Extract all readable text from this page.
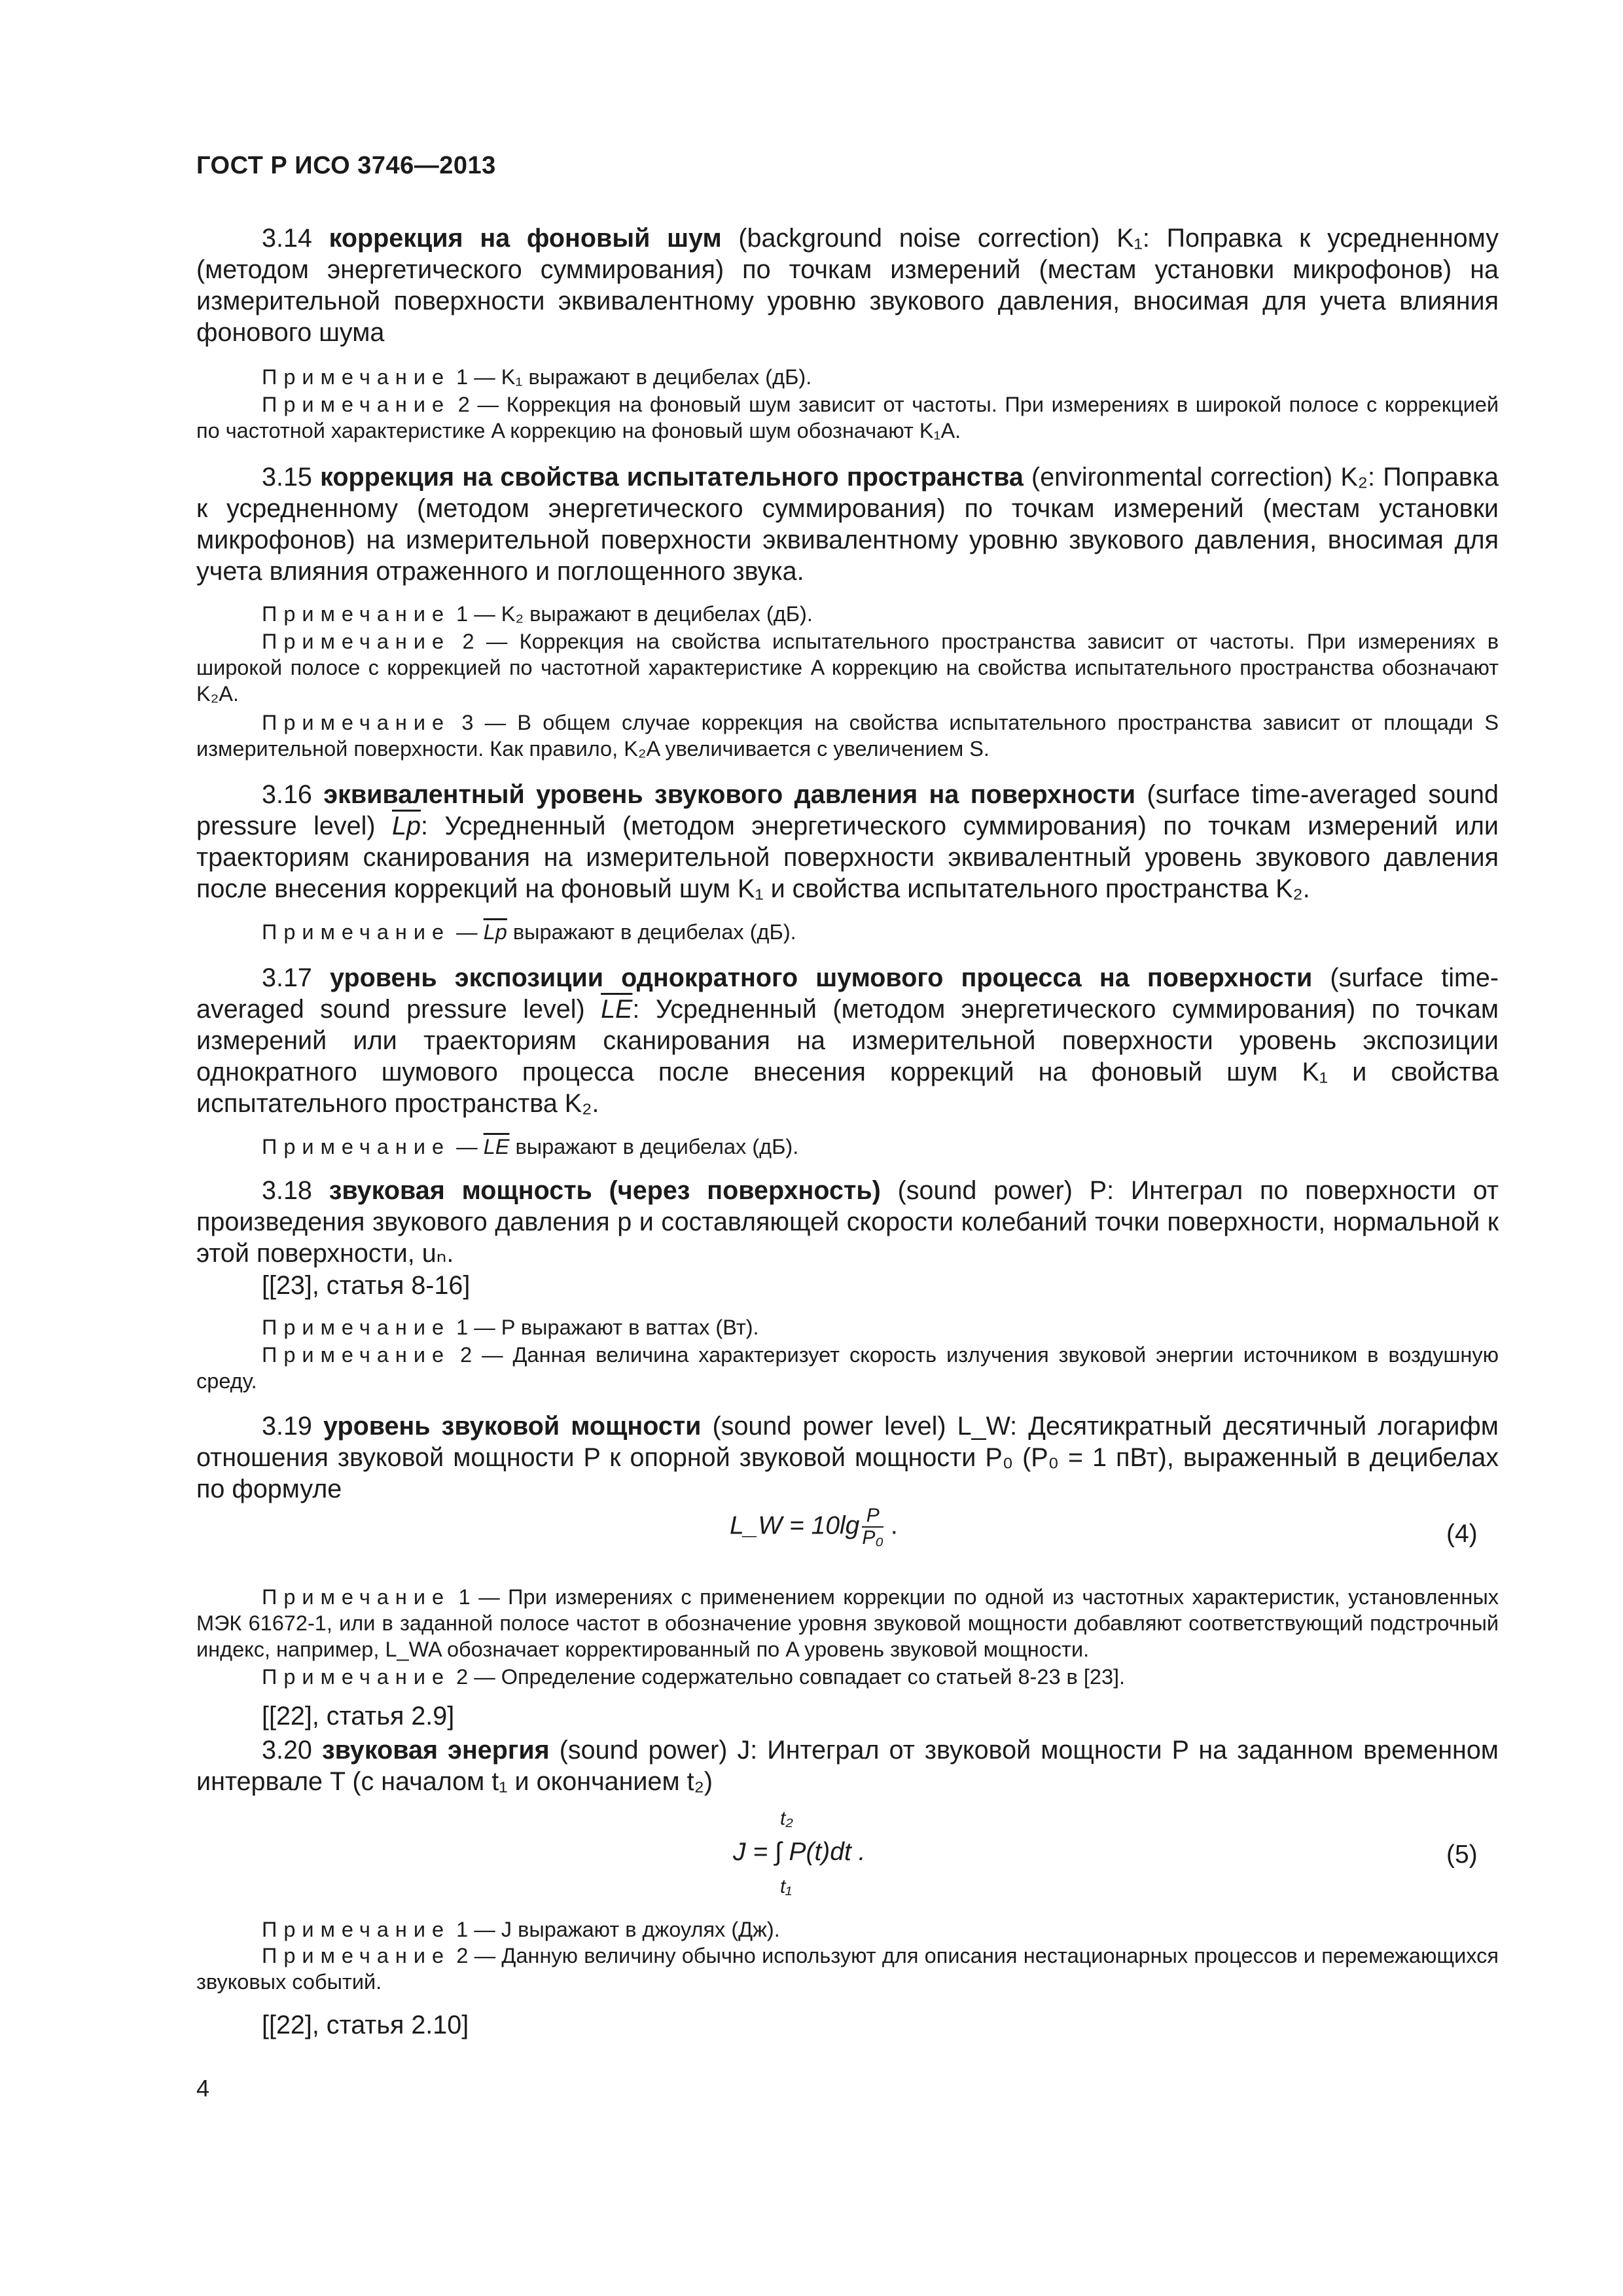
ГОСТ Р ИСО 3746—2013
3.14 коррекция на фоновый шум (background noise correction) K₁: Поправка к усредненному (методом энергетического суммирования) по точкам измерений (местам установки микрофонов) на измерительной поверхности эквивалентному уровню звукового давления, вносимая для учета влияния фонового шума
Примечание 1 — K₁ выражают в децибелах (дБ).
Примечание 2 — Коррекция на фоновый шум зависит от частоты. При измерениях в широкой полосе с коррекцией по частотной характеристике A коррекцию на фоновый шум обозначают K₁A.
3.15 коррекция на свойства испытательного пространства (environmental correction) K₂: Поправка к усредненному (методом энергетического суммирования) по точкам измерений (местам установки микрофонов) на измерительной поверхности эквивалентному уровню звукового давления, вносимая для учета влияния отраженного и поглощенного звука.
Примечание 1 — K₂ выражают в децибелах (дБ).
Примечание 2 — Коррекция на свойства испытательного пространства зависит от частоты. При измерениях в широкой полосе с коррекцией по частотной характеристике A коррекцию на свойства испытательного пространства обозначают K₂A.
Примечание 3 — В общем случае коррекция на свойства испытательного пространства зависит от площади S измерительной поверхности. Как правило, K₂A увеличивается с увеличением S.
3.16 эквивалентный уровень звукового давления на поверхности (surface time-averaged sound pressure level) $\overline{Lp}$: Усредненный (методом энергетического суммирования) по точкам измерений или траекториям сканирования на измерительной поверхности эквивалентный уровень звукового давления после внесения коррекций на фоновый шум K₁ и свойства испытательного пространства K₂.
Примечание — $\overline{Lp}$ выражают в децибелах (дБ).
3.17 уровень экспозиции однократного шумового процесса на поверхности (surface time-averaged sound pressure level) $\overline{LE}$: Усредненный (методом энергетического суммирования) по точкам измерений или траекториям сканирования на измерительной поверхности уровень экспозиции однократного шумового процесса после внесения коррекций на фоновый шум K₁ и свойства испытательного пространства K₂.
Примечание — $\overline{LE}$ выражают в децибелах (дБ).
3.18 звуковая мощность (через поверхность) (sound power) P: Интеграл по поверхности от произведения звукового давления p и составляющей скорости колебаний точки поверхности, нормальной к этой поверхности, uₙ.
[[23], статья 8-16]
Примечание 1 — P выражают в ваттах (Вт).
Примечание 2 — Данная величина характеризует скорость излучения звуковой энергии источником в воздушную среду.
3.19 уровень звуковой мощности (sound power level) L_W: Десятикратный десятичный логарифм отношения звуковой мощности P к опорной звуковой мощности P₀ (P₀ = 1 пВт), выраженный в децибелах по формуле
L_W = $10\lg \frac{P}{\text{P₀}}$ .	(4)
Примечание 1 — При измерениях с применением коррекции по одной из частотных характеристик, установленных МЭК 61672-1, или в заданной полосе частот в обозначение уровня звуковой мощности добавляют соответствующий подстрочный индекс, например, L_WA обозначает корректированный по A уровень звуковой мощности.
Примечание 2 — Определение содержательно совпадает со статьей 8-23 в [23].
[[22], статья 2.9]
3.20 звуковая энергия (sound power) J: Интеграл от звуковой мощности P на заданном временном интервале T (с началом t₁ и окончанием t₂)
t₂
J = ∫ P(t)dt .
t₁
(5)
Примечание 1 — J выражают в джоулях (Дж).
Примечание 2 — Данную величину обычно используют для описания нестационарных процессов и перемежающихся звуковых событий.
[[22], статья 2.10]
4
